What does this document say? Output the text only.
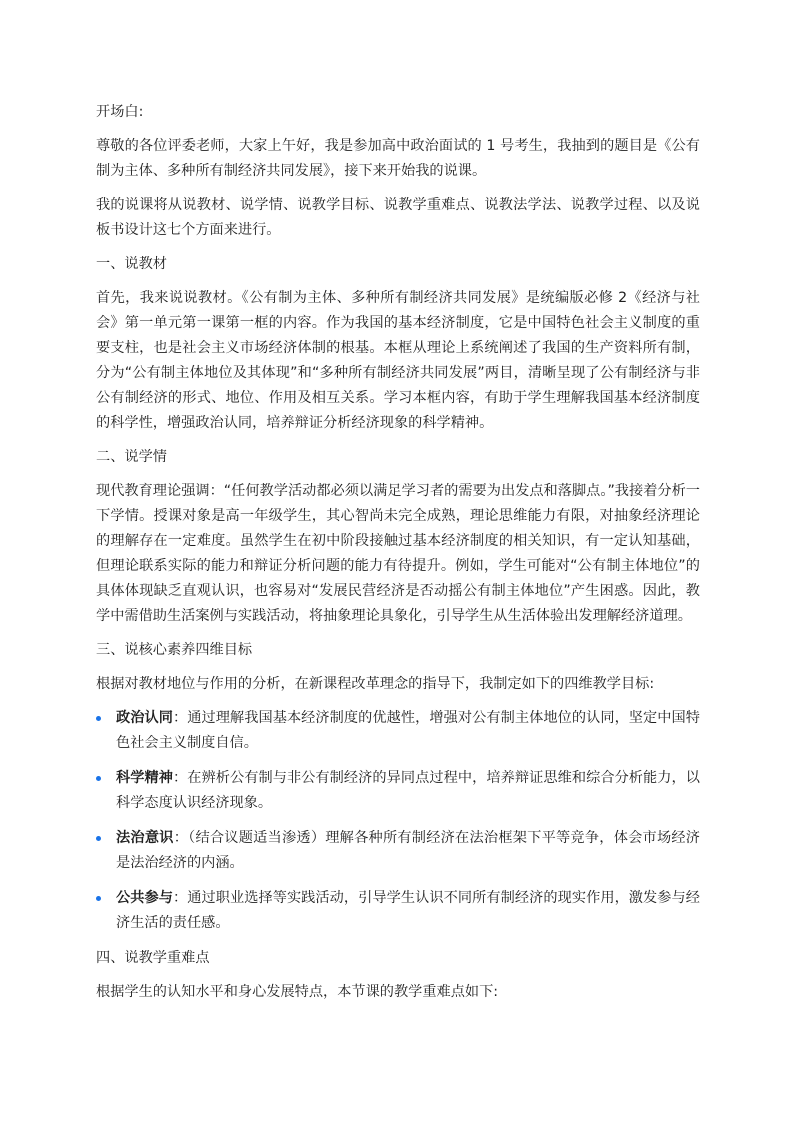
开场白:

尊敬的各位评委老师，大家上午好，我是参加高中政治面试的 1 号考生，我抽到的题目是《公有制为主体、多种所有制经济共同发展》，接下来开始我的说课。

我的说课将从说教材、说学情、说教学目标、说教学重难点、说教法学法、说教学过程、以及说板书设计这七个方面来进行。

一、说教材

首先，我来说说教材。《公有制为主体、多种所有制经济共同发展》是统编版必修 2《经济与社会》第一单元第一课第一框的内容。作为我国的基本经济制度，它是中国特色社会主义制度的重要支柱，也是社会主义市场经济体制的根基。本框从理论上系统阐述了我国的生产资料所有制，分为“公有制主体地位及其体现”和“多种所有制经济共同发展”两目，清晰呈现了公有制经济与非公有制经济的形式、地位、作用及相互关系。学习本框内容，有助于学生理解我国基本经济制度的科学性，增强政治认同，培养辩证分析经济现象的科学精神。

二、说学情

现代教育理论强调：“任何教学活动都必须以满足学习者的需要为出发点和落脚点。”我接着分析一下学情。授课对象是高一年级学生，其心智尚未完全成熟，理论思维能力有限，对抽象经济理论的理解存在一定难度。虽然学生在初中阶段接触过基本经济制度的相关知识，有一定认知基础，但理论联系实际的能力和辩证分析问题的能力有待提升。例如，学生可能对“公有制主体地位”的具体体现缺乏直观认识，也容易对“发展民营经济是否动摇公有制主体地位”产生困惑。因此，教学中需借助生活案例与实践活动，将抽象理论具象化，引导学生从生活体验出发理解经济道理。

三、说核心素养四维目标

根据对教材地位与作用的分析，在新课程改革理念的指导下，我制定如下的四维教学目标:

政治认同：通过理解我国基本经济制度的优越性，增强对公有制主体地位的认同，坚定中国特色社会主义制度自信。
科学精神：在辨析公有制与非公有制经济的异同点过程中，培养辩证思维和综合分析能力，以科学态度认识经济现象。
法治意识：（结合议题适当渗透）理解各种所有制经济在法治框架下平等竞争，体会市场经济是法治经济的内涵。
公共参与：通过职业选择等实践活动，引导学生认识不同所有制经济的现实作用，激发参与经济生活的责任感。

四、说教学重难点

根据学生的认知水平和身心发展特点，本节课的教学重难点如下:
